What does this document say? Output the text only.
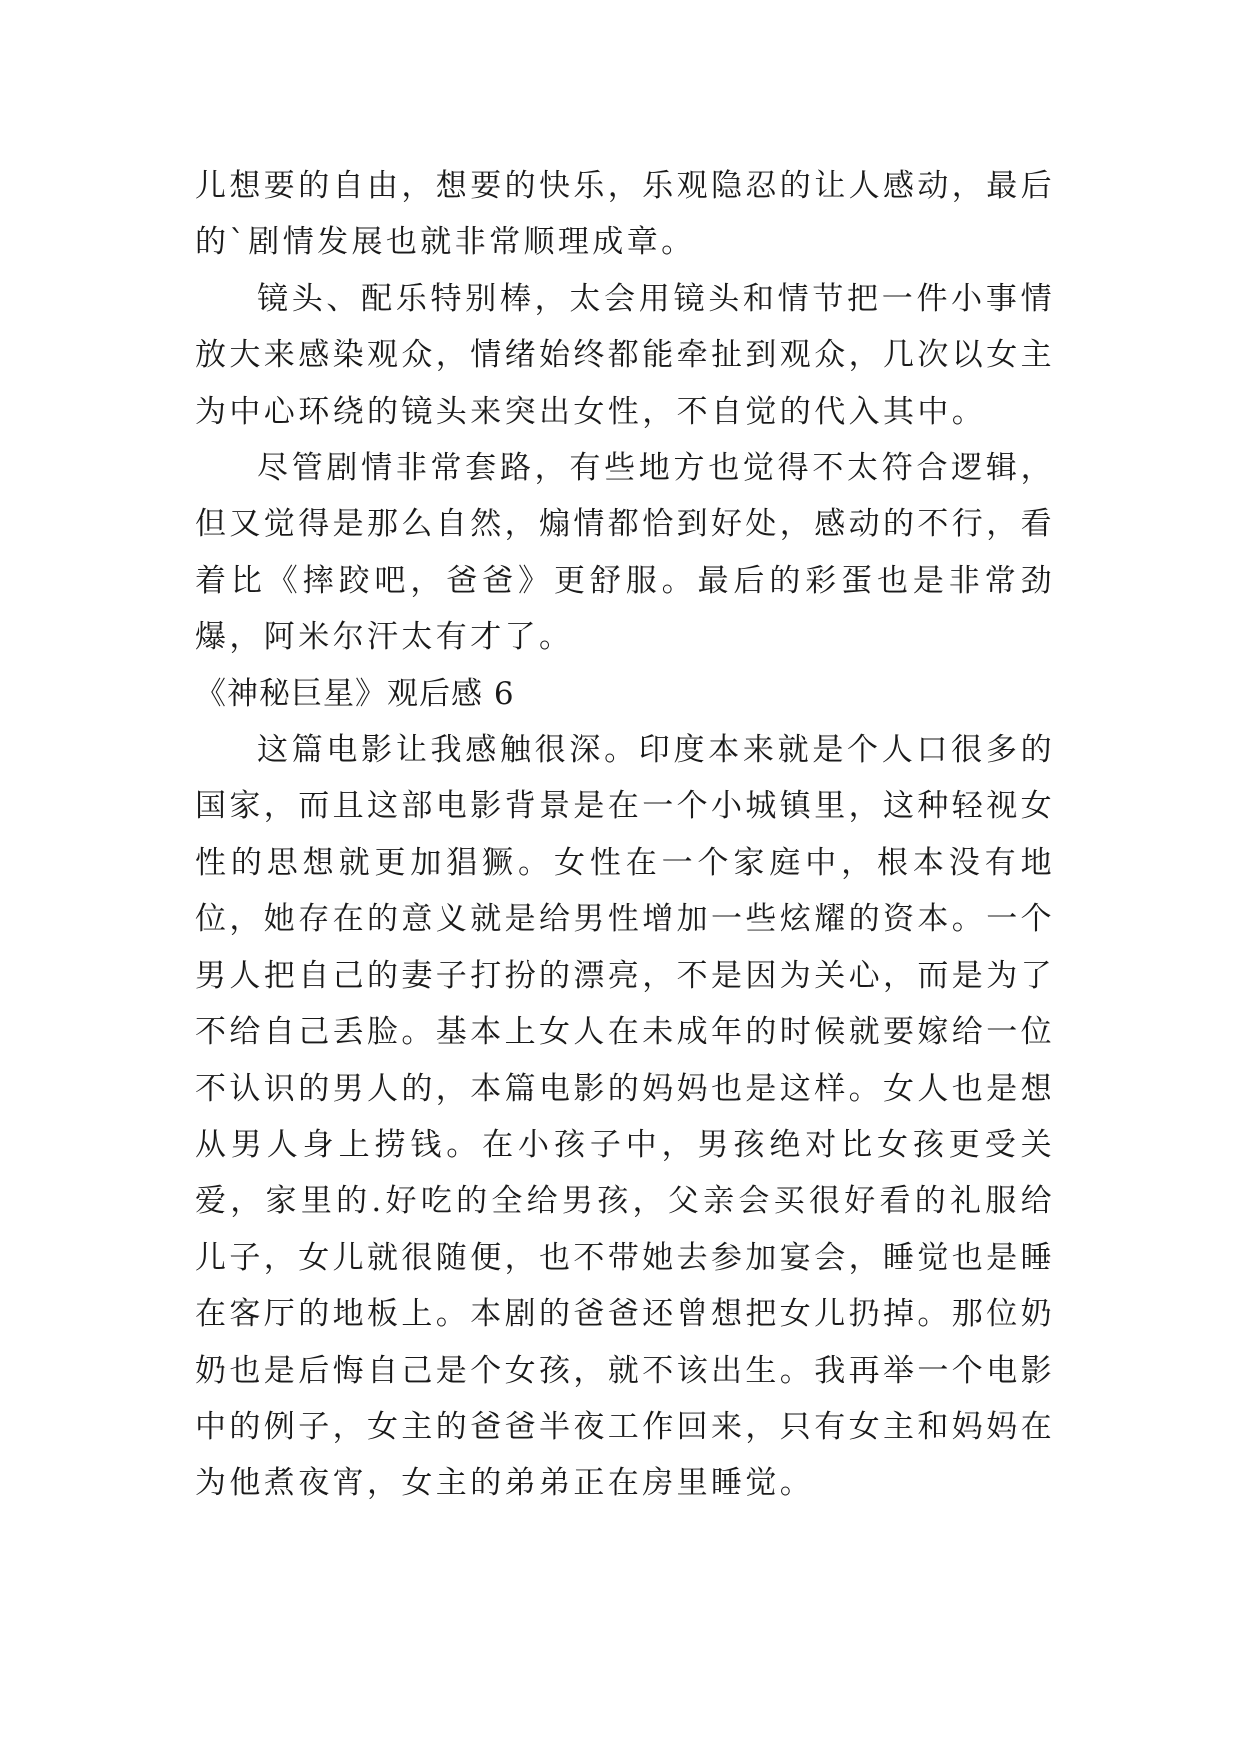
儿想要的自由，想要的快乐，乐观隐忍的让人感动，最后的`剧情发展也就非常顺理成章。

镜头、配乐特别棒，太会用镜头和情节把一件小事情放大来感染观众，情绪始终都能牵扯到观众，几次以女主为中心环绕的镜头来突出女性，不自觉的代入其中。

尽管剧情非常套路，有些地方也觉得不太符合逻辑，但又觉得是那么自然，煽情都恰到好处，感动的不行，看着比《摔跤吧，爸爸》更舒服。最后的彩蛋也是非常劲爆，阿米尔汗太有才了。

《神秘巨星》观后感 6

这篇电影让我感触很深。印度本来就是个人口很多的国家，而且这部电影背景是在一个小城镇里，这种轻视女性的思想就更加猖獗。女性在一个家庭中，根本没有地位，她存在的意义就是给男性增加一些炫耀的资本。一个男人把自己的妻子打扮的漂亮，不是因为关心，而是为了不给自己丢脸。基本上女人在未成年的时候就要嫁给一位不认识的男人的，本篇电影的妈妈也是这样。女人也是想从男人身上捞钱。在小孩子中，男孩绝对比女孩更受关爱，家里的.好吃的全给男孩，父亲会买很好看的礼服给儿子，女儿就很随便，也不带她去参加宴会，睡觉也是睡在客厅的地板上。本剧的爸爸还曾想把女儿扔掉。那位奶奶也是后悔自己是个女孩，就不该出生。我再举一个电影中的例子，女主的爸爸半夜工作回来，只有女主和妈妈在为他煮夜宵，女主的弟弟正在房里睡觉。
